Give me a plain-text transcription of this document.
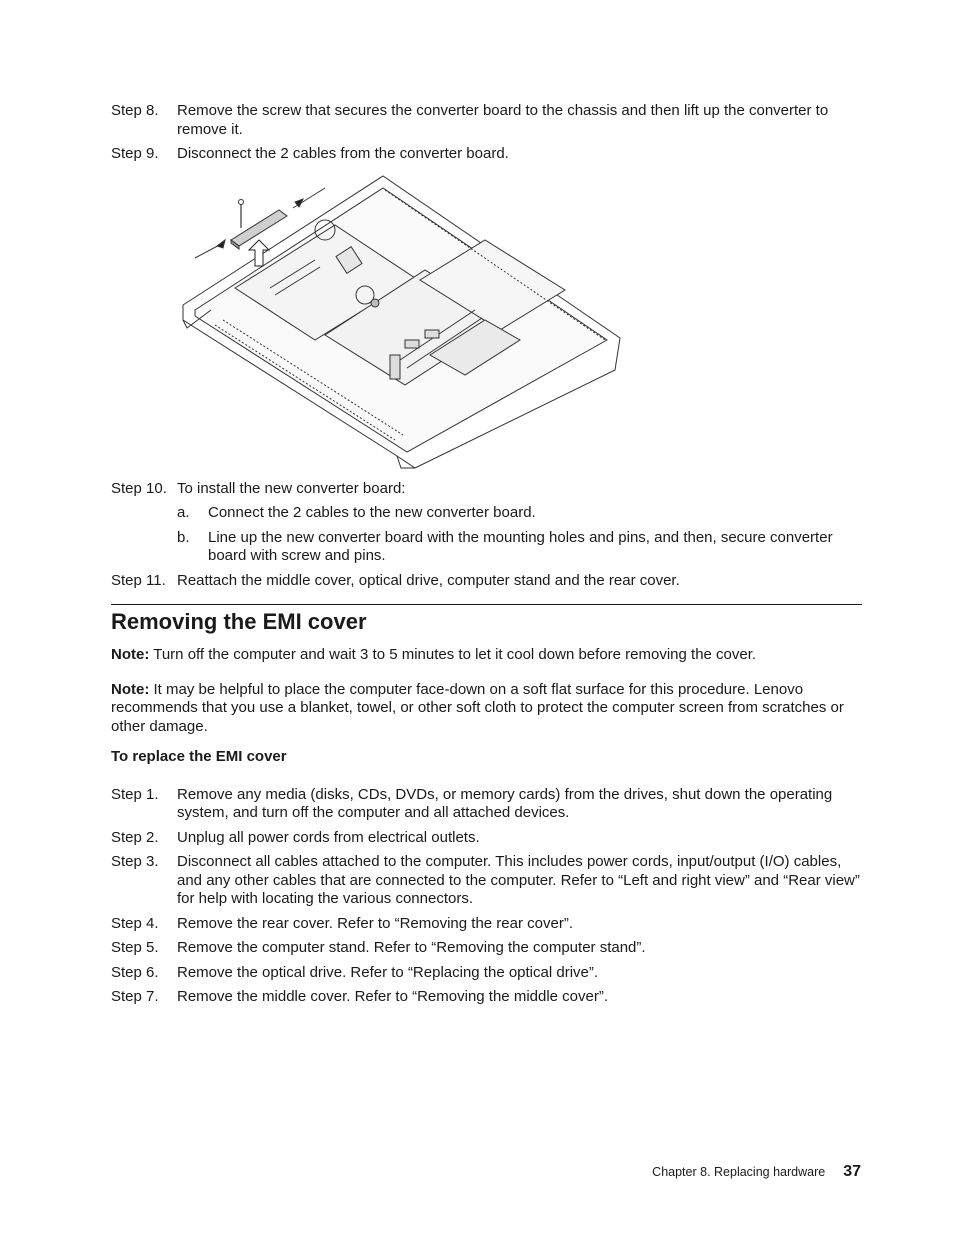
Step 8.	Remove the screw that secures the converter board to the chassis and then lift up the converter to remove it.
Step 9.	Disconnect the 2 cables from the converter board.
Step 10. To install the new converter board:
a.	Connect the 2 cables to the new converter board.
b.	Line up the new converter board with the mounting holes and pins, and then, secure converter board with screw and pins.
Step 11. Reattach the middle cover, optical drive, computer stand and the rear cover.
Removing the EMI cover

Note: Turn off the computer and wait 3 to 5 minutes to let it cool down before removing the cover.

Note: It may be helpful to place the computer face-down on a soft flat surface for this procedure. Lenovo recommends that you use a blanket, towel, or other soft cloth to protect the computer screen from scratches or other damage.

To replace the EMI cover
Step 1.	Remove any media (disks, CDs, DVDs, or memory cards) from the drives, shut down the operating system, and turn off the computer and all attached devices.
Step 2.	Unplug all power cords from electrical outlets.
Step 3.	Disconnect all cables attached to the computer. This includes power cords, input/output (I/O) cables, and any other cables that are connected to the computer. Refer to “Left and right view” and “Rear view” for help with locating the various connectors.
Step 4.	Remove the rear cover. Refer to “Removing the rear cover”.
Step 5.	Remove the computer stand. Refer to “Removing the computer stand”.
Step 6.	Remove the optical drive. Refer to “Replacing the optical drive”.
Step 7.	Remove the middle cover. Refer to “Removing the middle cover”.
Chapter 8. Replacing hardware 37
